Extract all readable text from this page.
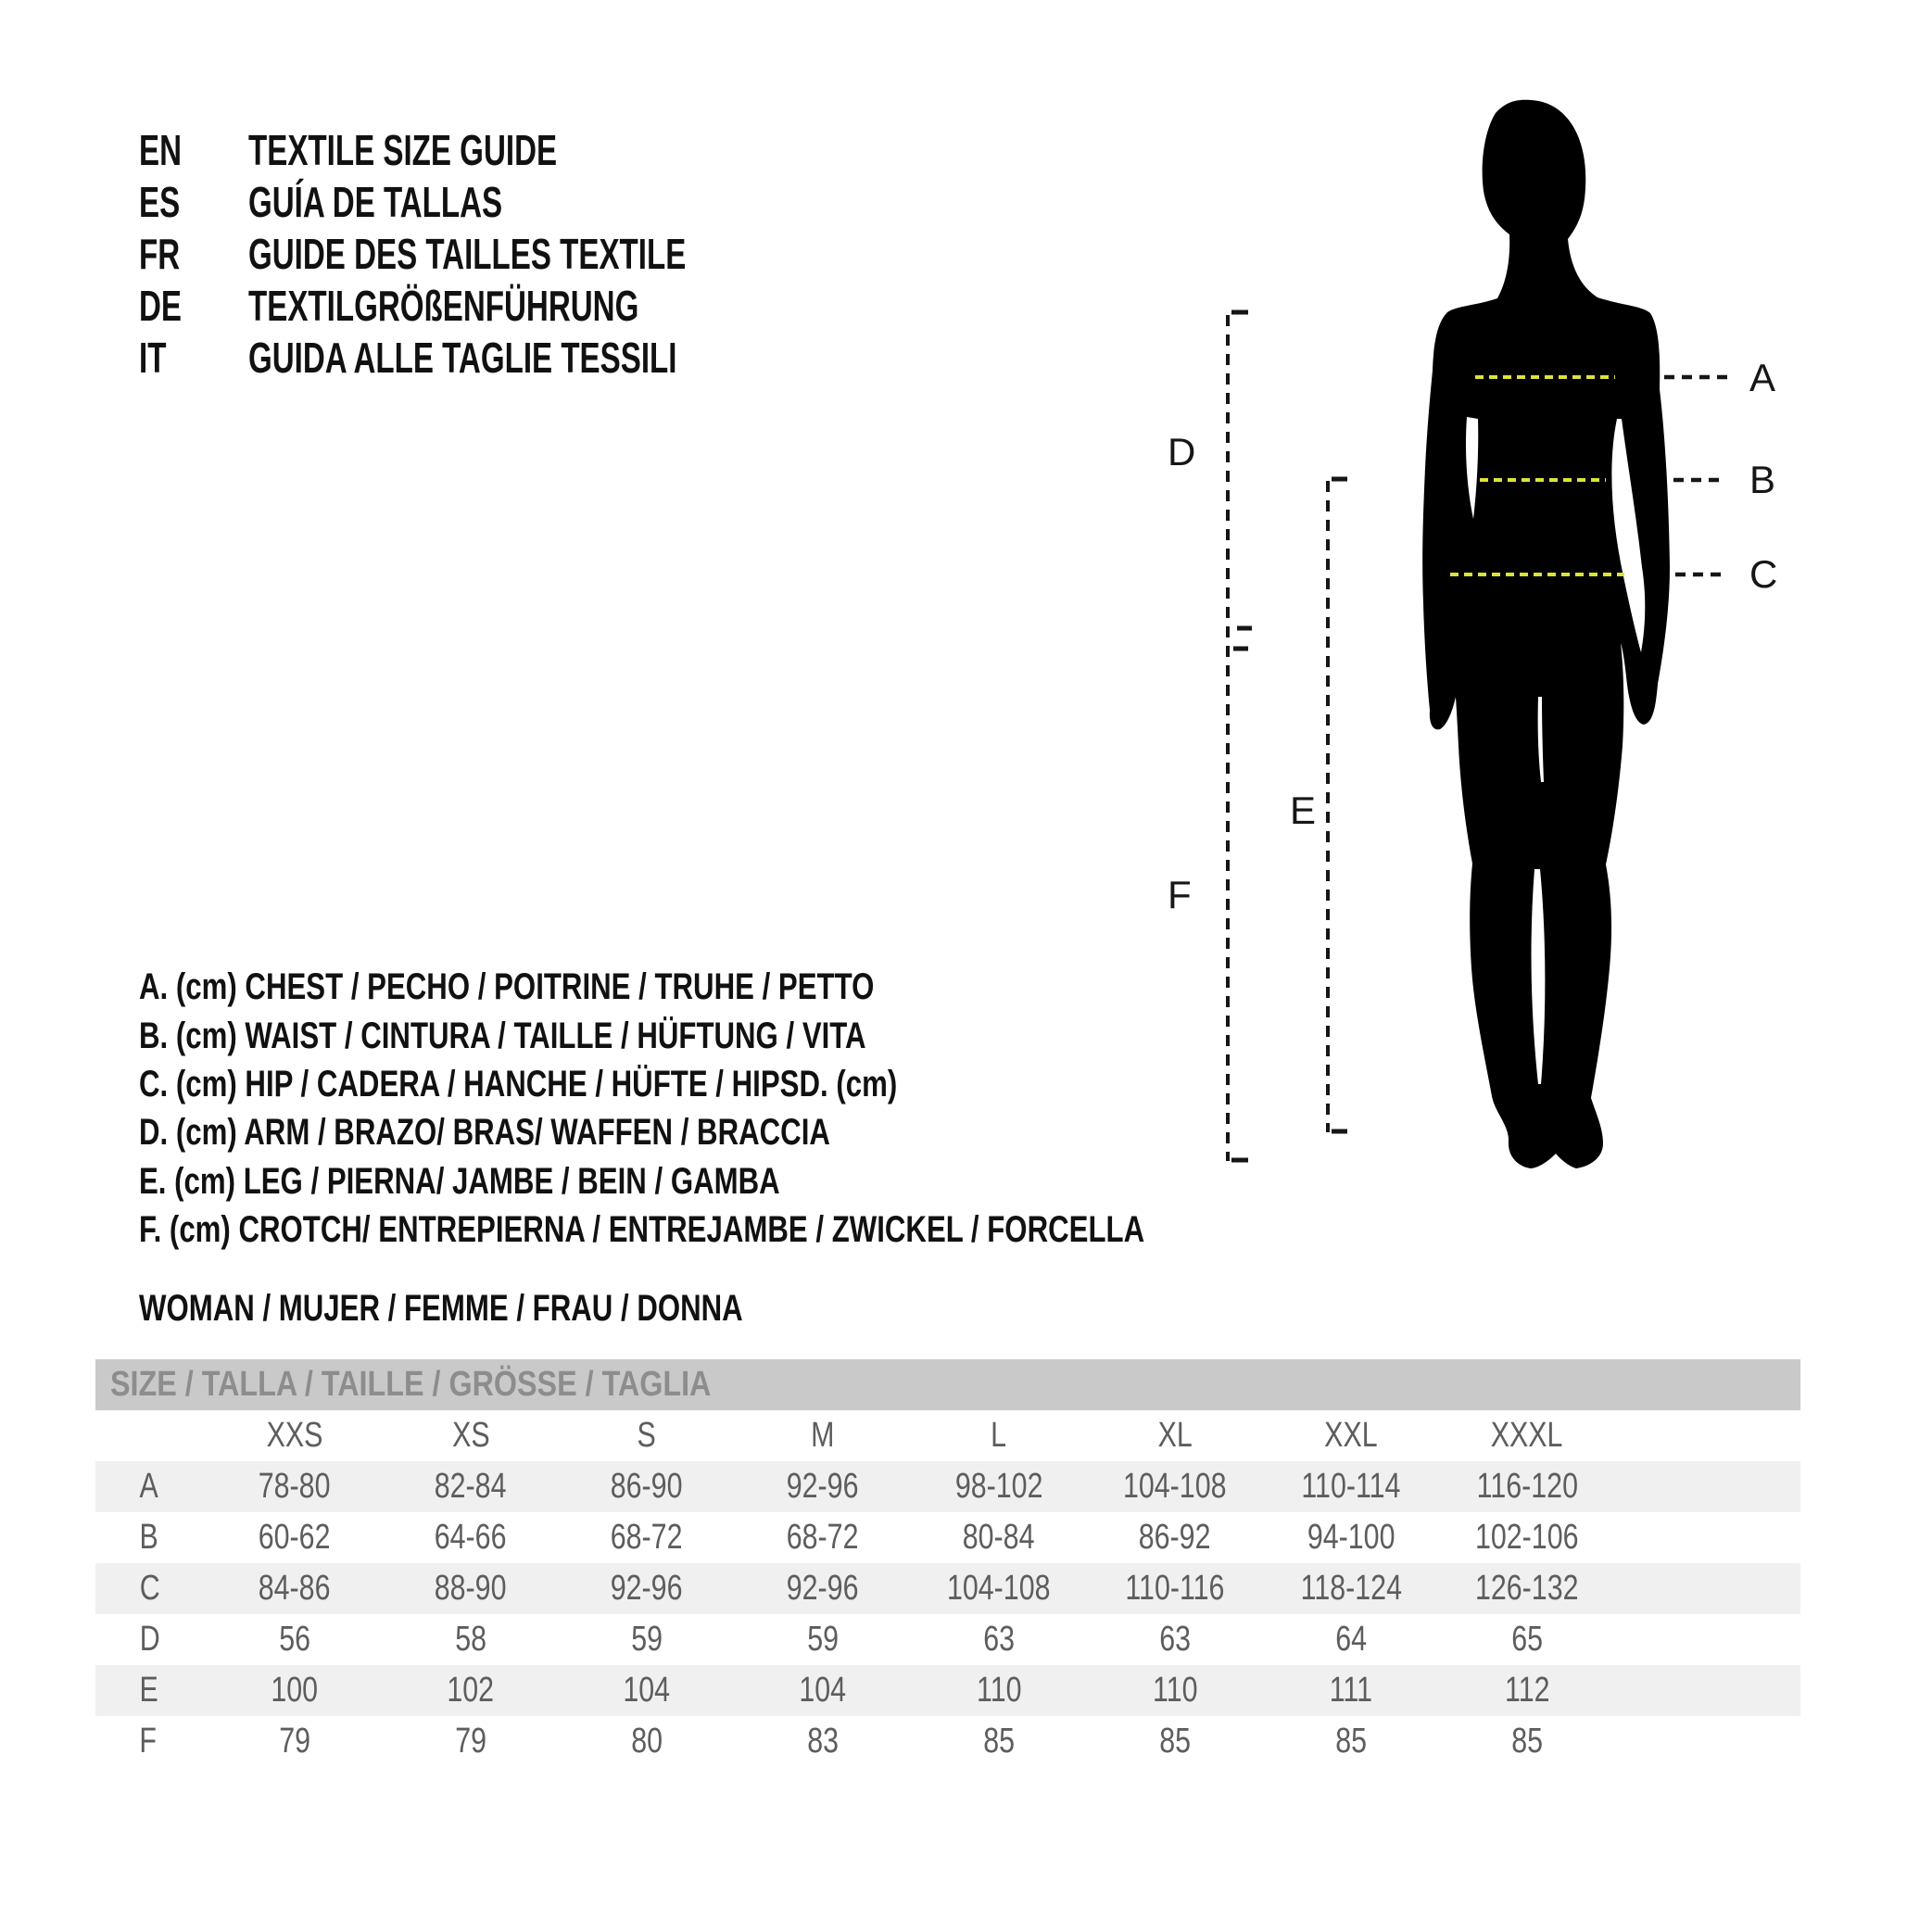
EN	TEXTILE SIZE GUIDE
ES	GUÍA DE TALLAS
FR	GUIDE DES TAILLES TEXTILE
DE	TEXTILGRÖßENFÜHRUNG
IT GUIDA ALLE TAGLIE TESSILI	A
B
C
D
E
F
A. (cm) CHEST / PECHO / POITRINE / TRUHE / PETTO
B. (cm) WAIST / CINTURA / TAILLE / HÜFTUNG / VITA
C. (cm) HIP / CADERA / HANCHE / HÜFTE / HIPSD. (cm)
D. (cm) ARM / BRAZO/ BRAS/ WAFFEN / BRACCIA
E. (cm) LEG / PIERNA/ JAMBE / BEIN / GAMBA
F. (cm) CROTCH/ ENTREPIERNA / ENTREJAMBE / ZWICKEL / FORCELLA
WOMAN / MUJER / FEMME / FRAU / DONNA
SIZE / TALLA / TAILLE / GRÖSSE / TAGLIA
XXS	XS	S	M	L	XL	XXL	XXXL
A	78-80	82-84	86-90	92-96	98-102	104-108	110-114	116-120
B	60-62	64-66	68-72	68-72	80-84	86-92	94-100	102-106
C	84-86	88-90	92-96	92-96	104-108	110-116	118-124	126-132
D	56	58	59	59	63	63	64	65
E	100	102	104	104	110	110	111	112
F	79	79	80	83	85	85	85	85
